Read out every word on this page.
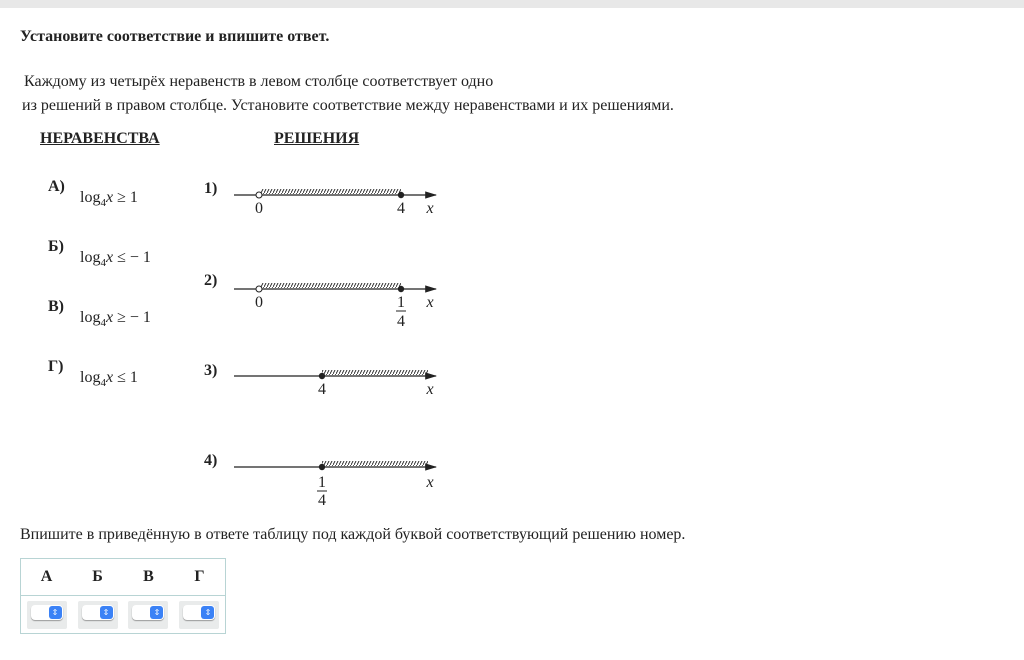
Установите соответствие и впишите ответ.
Каждому из четырёх неравенств в левом столбце соответствует одно
из решений в правом столбце. Установите соответствие между неравенствами и их решениями.
НЕРАВЕНСТВА	РЕШЕНИЯ
А)
$\log_4x \ge 1$
Б)
$\log_4x$ ≤ − 1
В)
$\log_4x$ ≥ − 1
Г)
$\log_4x \le 1$
1)
2)
3)
4)
0	4 x
0	1
4
x
4	x
1
4
x
Впишите в приведённую в ответе таблицу под каждой буквой соответствующий решению номер.
А	Б	В	Г

⇕	⇕	⇕	⇕
